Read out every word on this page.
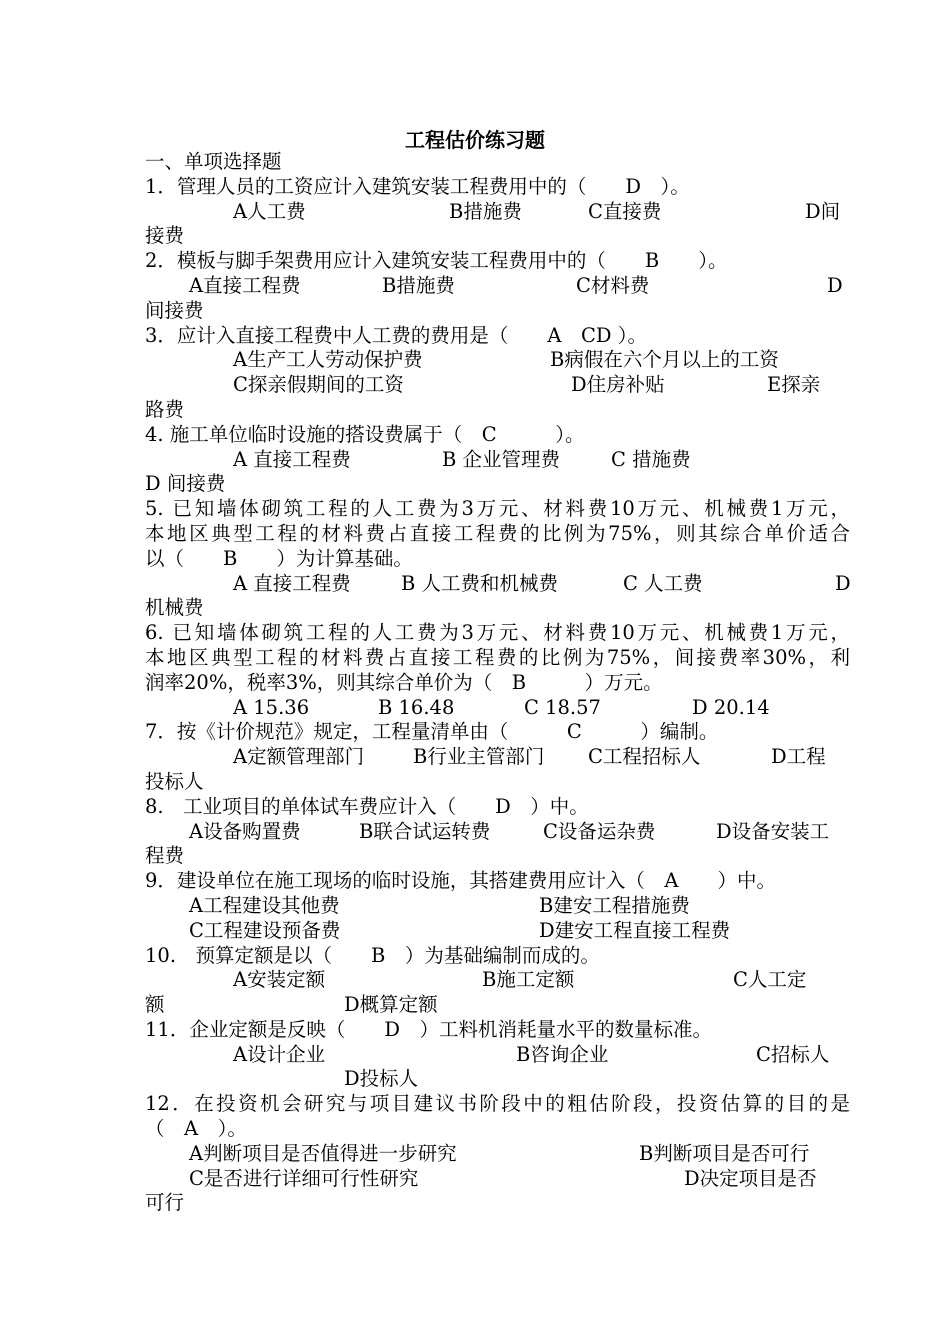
工程估价练习题
一、单项选择题
1．管理人员的工资应计入建筑安装工程费用中的（　　D　）。
A人工费	B措施费	C直接费	D间
接费
2．模板与脚手架费用应计入建筑安装工程费用中的（　　B　　）。
A直接工程费	B措施费	C材料费	D
间接费
3．应计入直接工程费中人工费的费用是（　　A　CD ）。
A生产工人劳动保护费	B病假在六个月以上的工资
C探亲假期间的工资	D住房补贴	E探亲
路费
4. 施工单位临时设施的搭设费属于（　C　　　）。
A 直接工程费	B 企业管理费	C 措施费
D 间接费
5. 已知墙体砌筑工程的人工费为3万元、材料费10万元、机械费1万元，
本地区典型工程的材料费占直接工程费的比例为75%，则其综合单价适合
以（　　B　　）为计算基础。
A 直接工程费	B 人工费和机械费	C 人工费	D
机械费
6. 已知墙体砌筑工程的人工费为3万元、材料费10万元、机械费1万元，
本地区典型工程的材料费占直接工程费的比例为75%，间接费率30%，利
润率20%，税率3%，则其综合单价为（　B　　　）万元。
A 15.36	B 16.48	C 18.57	D 20.14
7．按《计价规范》规定，工程量清单由（　　　C　　　）编制。
A定额管理部门	B行业主管部门 C工程招标人	D工程
投标人
8.　工业项目的单体试车费应计入（　　D　）中。
A设备购置费	B联合试运转费	C设备运杂费	D设备安装工
程费
9．建设单位在施工现场的临时设施，其搭建费用应计入（　A　　）中。
A工程建设其他费	B建安工程措施费
C工程建设预备费	D建安工程直接工程费
10.　预算定额是以（　　B　）为基础编制而成的。
A安装定额	B施工定额	C人工定
额	D概算定额
11．企业定额是反映（　　D　）工料机消耗量水平的数量标准。
A设计企业	B咨询企业	C招标人
D投标人
12．在投资机会研究与项目建议书阶段中的粗估阶段，投资估算的目的是
（　A　）。
A判断项目是否值得进一步研究	B判断项目是否可行
C是否进行详细可行性研究	D决定项目是否
可行
